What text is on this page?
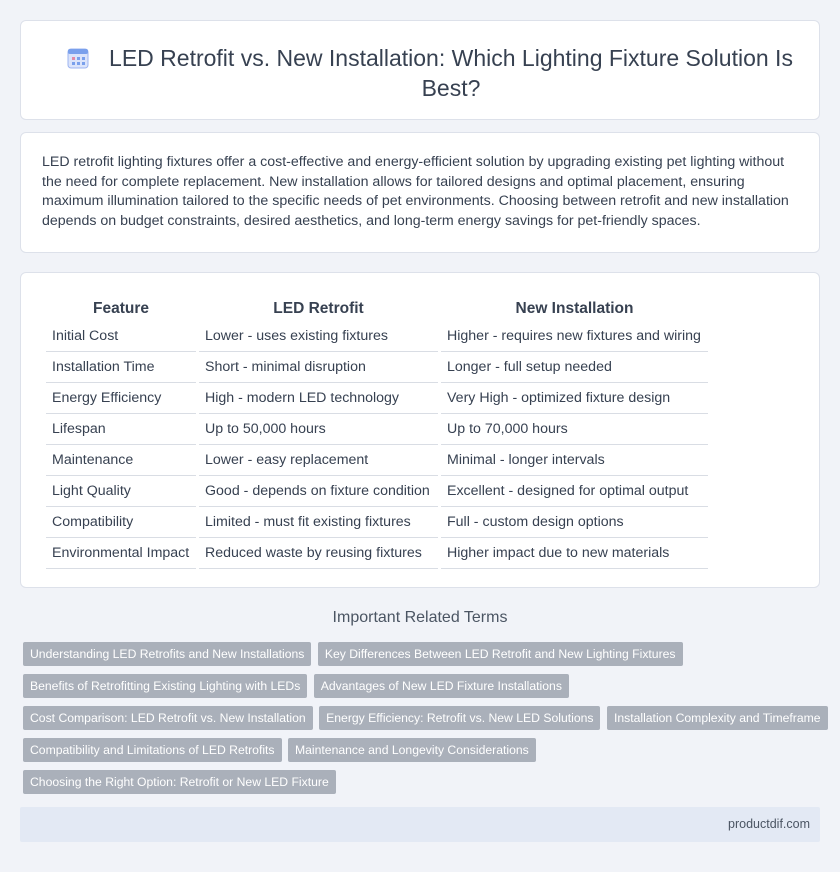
LED Retrofit vs. New Installation: Which Lighting Fixture Solution Is Best?

LED retrofit lighting fixtures offer a cost-effective and energy-efficient solution by upgrading existing pet lighting without the need for complete replacement. New installation allows for tailored designs and optimal placement, ensuring maximum illumination tailored to the specific needs of pet environments. Choosing between retrofit and new installation depends on budget constraints, desired aesthetics, and long-term energy savings for pet-friendly spaces.

Feature	LED Retrofit	New Installation
Initial Cost	Lower - uses existing fixtures	Higher - requires new fixtures and wiring
Installation Time	Short - minimal disruption	Longer - full setup needed
Energy Efficiency	High - modern LED technology	Very High - optimized fixture design
Lifespan	Up to 50,000 hours	Up to 70,000 hours
Maintenance	Lower - easy replacement	Minimal - longer intervals
Light Quality	Good - depends on fixture condition	Excellent - designed for optimal output
Compatibility	Limited - must fit existing fixtures	Full - custom design options
Environmental Impact	Reduced waste by reusing fixtures	Higher impact due to new materials
Important Related Terms
Understanding LED Retrofits and New Installations Key Differences Between LED Retrofit and New Lighting Fixtures
Benefits of Retrofitting Existing Lighting with LEDs Advantages of New LED Fixture Installations
Cost Comparison: LED Retrofit vs. New Installation Energy Efficiency: Retrofit vs. New LED Solutions Installation Complexity and Timeframe
Compatibility and Limitations of LED Retrofits Maintenance and Longevity Considerations
Choosing the Right Option: Retrofit or New LED Fixture
productdif.com
